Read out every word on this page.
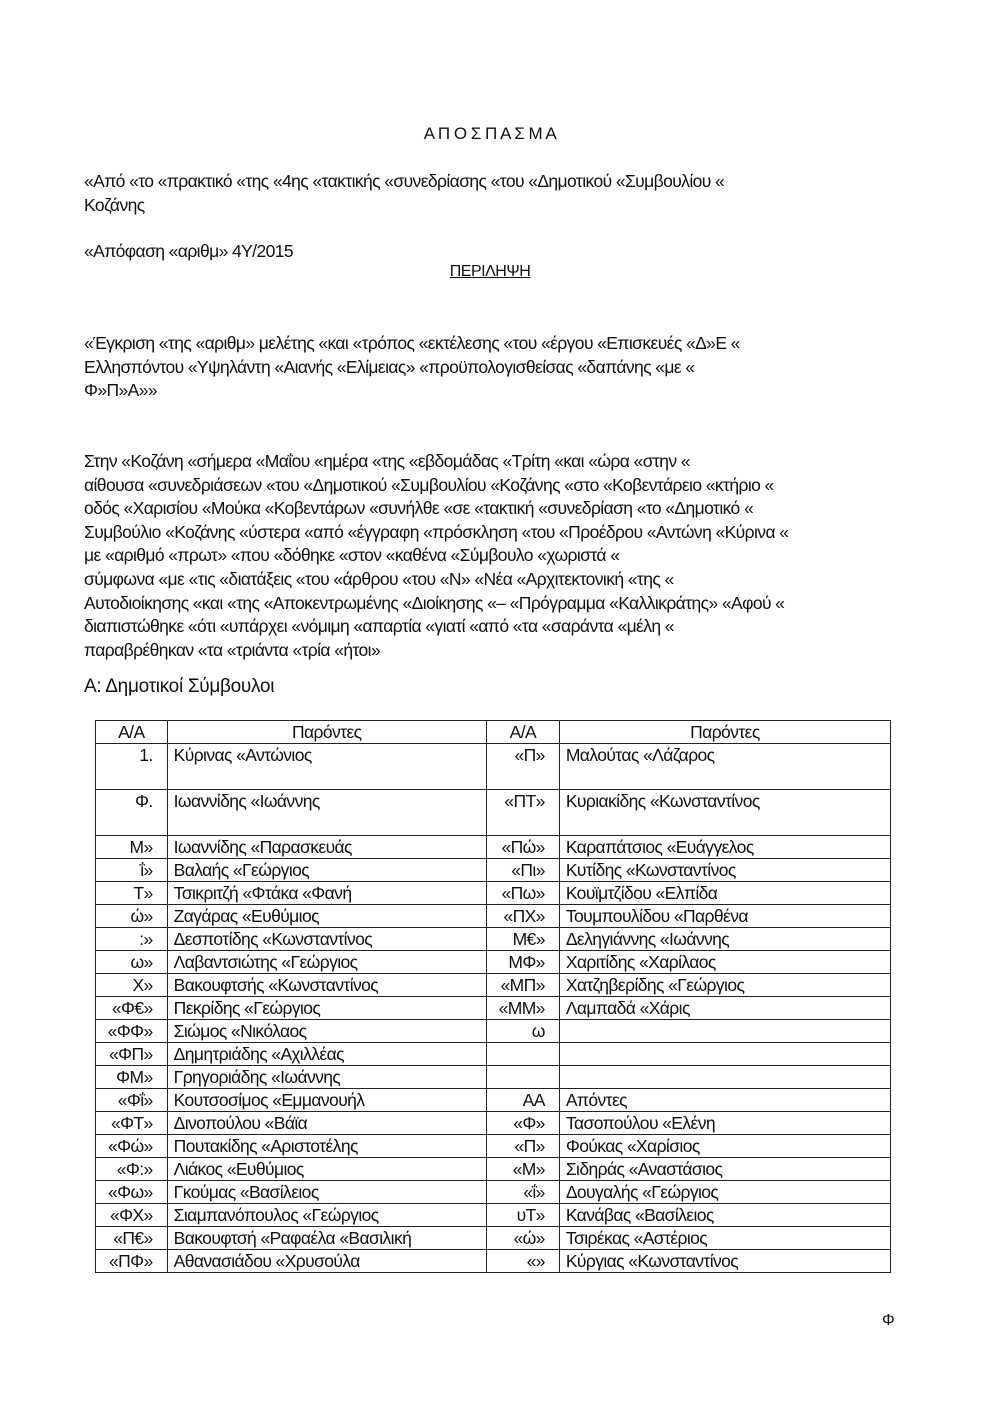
Α Π Ο Σ Π Α Σ Μ Α
«Από «το «πρακτικό «της «4ης «τακτικής «συνεδρίασης «του «Δημοτικού «Συμβουλίου «
Κοζάνης
«Απόφαση «αριθμ» 4Υ/2015
ΠΕΡΙΛΗΨΗ
«Έγκριση «της «αριθμ» μελέτης «και «τρόπος «εκτέλεσης «του «έργου «Επισκευές «Δ»Ε «
Ελλησπόντου «Υψηλάντη «Αιανής «Ελίμειας» «προϋπολογισθείσας «δαπάνης «με «
Φ»Π»Α»»
Στην «Κοζάνη «σήμερα «Μαΐου «ημέρα «της «εβδομάδας «Τρίτη «και «ώρα «στην «
αίθουσα «συνεδριάσεων «του «Δημοτικού «Συμβουλίου «Κοζάνης «στο «Κοβεντάρειο «κτήριο «
οδός «Χαρισίου «Μούκα «Κοβεντάρων «συνήλθε «σε «τακτική «συνεδρίαση «το «Δημοτικό «
Συμβούλιο «Κοζάνης «ύστερα «από «έγγραφη «πρόσκληση «του «Προέδρου «Αντώνη «Κύρινα «
με «αριθμό «πρωτ» «που «δόθηκε «στον «καθένα «Σύμβουλο «χωριστά «
σύμφωνα «με «τις «διατάξεις «του «άρθρου «του «Ν» «Νέα «Αρχιτεκτονική «της «
Αυτοδιοίκησης «και «της «Αποκεντρωμένης «Διοίκησης «– «Πρόγραμμα «Καλλικράτης» «Αφού «
διαπιστώθηκε «ότι «υπάρχει «νόμιμη «απαρτία «γιατί «από «τα «σαράντα «μέλη «
παραβρέθηκαν «τα «τριάντα «τρία «ήτοι»
Α: Δημοτικοί Σύμβουλοι
Α/Α	Παρόντες	Α/Α	Παρόντες
1.	Κύρινας «Αντώνιος	«Π»	Μαλούτας «Λάζαρος
Φ.	Ιωαννίδης «Ιωάννης	«ΠΤ»	Κυριακίδης «Κωνσταντίνος
Μ»	Ιωαννίδης «Παρασκευάς	«Πώ»	Καραπάτσιος «Ευάγγελος
ΐ»	Βαλαής «Γεώργιος	«Πι»	Κυτίδης «Κωνσταντίνος
Τ»	Τσικριτζή «Φτάκα «Φανή	«Πω»	Κουϊμτζίδου «Ελπίδα
ώ»	Ζαγάρας «Ευθύμιος	«ΠΧ»	Τουμπουλίδου «Παρθένα
:»	Δεσποτίδης «Κωνσταντίνος	Μ€»	Δεληγιάννης «Ιωάννης
ω»	Λαβαντσιώτης «Γεώργιος	ΜΦ»	Χαριτίδης «Χαρίλαος
Χ»	Βακουφτσής «Κωνσταντίνος	«ΜΠ»	Χατζηβερίδης «Γεώργιος
«Φ€»	Πεκρίδης «Γεώργιος	«ΜΜ»	Λαμπαδά «Χάρις
«ΦΦ»	Σιώμος «Νικόλαος	ω	
«ΦΠ»	Δημητριάδης «Αχιλλέας		
ΦΜ»	Γρηγοριάδης «Ιωάννης		
«Φΐ»	Κουτσοσίμος «Εμμανουήλ	ΑΑ	Απόντες
«ΦΤ»	Δινοπούλου «Βάϊα	«Φ»	Τασοπούλου «Ελένη
«Φώ»	Πουτακίδης «Αριστοτέλης	«Π»	Φούκας «Χαρίσιος
«Φ:»	Λιάκος «Ευθύμιος	«Μ»	Σιδηράς «Αναστάσιος
«Φω»	Γκούμας «Βασίλειος	«ΐ»	Δουγαλής «Γεώργιος
«ΦΧ»	Σιαμπανόπουλος «Γεώργιος	υΤ»	Κανάβας «Βασίλειος
«Π€»	Βακουφτσή «Ραφαέλα «Βασιλική	«ώ»	Τσιρέκας «Αστέριος
«ΠΦ»	Αθανασιάδου «Χρυσούλα	«»	Κύργιας «Κωνσταντίνος
Φ
